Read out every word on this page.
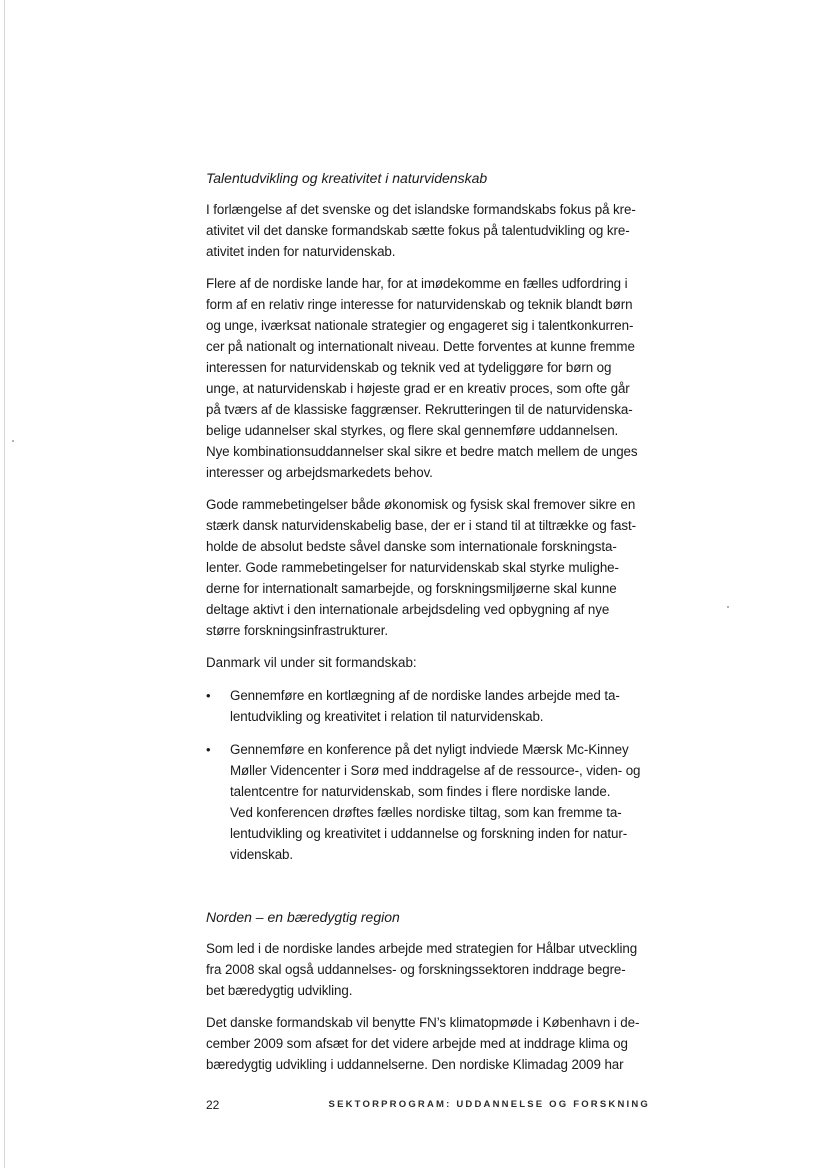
Talentudvikling og kreativitet i naturvidenskab
I forlængelse af det svenske og det islandske formandskabs fokus på kre-
ativitet vil det danske formandskab sætte fokus på talentudvikling og kre-
ativitet inden for naturvidenskab.
Flere af de nordiske lande har, for at imødekomme en fælles udfordring i
form af en relativ ringe interesse for naturvidenskab og teknik blandt børn
og unge, iværksat nationale strategier og engageret sig i talentkonkurren-
cer på nationalt og internationalt niveau. Dette forventes at kunne fremme
interessen for naturvidenskab og teknik ved at tydeliggøre for børn og
unge, at naturvidenskab i højeste grad er en kreativ proces, som ofte går
på tværs af de klassiske faggrænser. Rekrutteringen til de naturvidenska-
belige udannelser skal styrkes, og flere skal gennemføre uddannelsen.
Nye kombinationsuddannelser skal sikre et bedre match mellem de unges
interesser og arbejdsmarkedets behov.
Gode rammebetingelser både økonomisk og fysisk skal fremover sikre en
stærk dansk naturvidenskabelig base, der er i stand til at tiltrække og fast-
holde de absolut bedste såvel danske som internationale forskningsta-
lenter. Gode rammebetingelser for naturvidenskab skal styrke mulighe-
derne for internationalt samarbejde, og forskningsmiljøerne skal kunne
deltage aktivt i den internationale arbejdsdeling ved opbygning af nye
større forskningsinfrastrukturer.
Danmark vil under sit formandskab:
• Gennemføre en kortlægning af de nordiske landes arbejde med ta-
lentudvikling og kreativitet i relation til naturvidenskab.
• Gennemføre en konference på det nyligt indviede Mærsk Mc-Kinney
Møller Videncenter i Sorø med inddragelse af de ressource-, viden- og
talentcentre for naturvidenskab, som findes i flere nordiske lande.
Ved konferencen drøftes fælles nordiske tiltag, som kan fremme ta-
lentudvikling og kreativitet i uddannelse og forskning inden for natur-
videnskab.
Norden – en bæredygtig region
Som led i de nordiske landes arbejde med strategien for Hålbar utveckling
fra 2008 skal også uddannelses- og forskningssektoren inddrage begre-
bet bæredygtig udvikling.
Det danske formandskab vil benytte FN’s klimatopmøde i København i de-
cember 2009 som afsæt for det videre arbejde med at inddrage klima og
bæredygtig udvikling i uddannelserne. Den nordiske Klimadag 2009 har
22	SEKTORPROGRAM: UDDANNELSE OG FORSKNING
